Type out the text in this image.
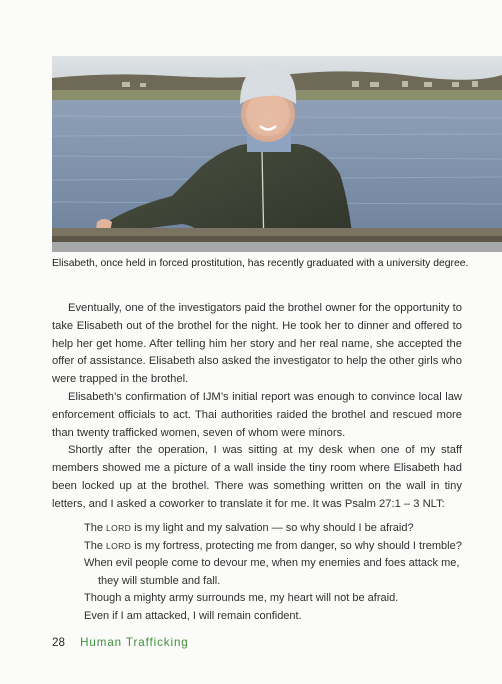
Elisabeth, once held in forced prostitution, has recently graduated with a university degree.

Eventually, one of the investigators paid the brothel owner for the opportunity to take Elisabeth out of the brothel for the night. He took her to dinner and offered to help her get home. After telling him her story and her real name, she accepted the offer of assistance. Elisabeth also asked the investigator to help the other girls who were trapped in the brothel.

Elisabeth’s confirmation of IJM’s initial report was enough to convince local law enforcement officials to act. Thai authorities raided the brothel and rescued more than twenty trafficked women, seven of whom were minors.

Shortly after the operation, I was sitting at my desk when one of my staff members showed me a picture of a wall inside the tiny room where Elisabeth had been locked up at the brothel. There was something written on the wall in tiny letters, and I asked a coworker to translate it for me. It was Psalm 27:1 – 3 NLT:

The LORD is my light and my salvation — so why should I be afraid?
The LORD is my fortress, protecting me from danger, so why should I tremble?
When evil people come to devour me, when my enemies and foes attack me,
they will stumble and fall.
Though a mighty army surrounds me, my heart will not be afraid.
Even if I am attacked, I will remain confident.
28 Human Trafficking
